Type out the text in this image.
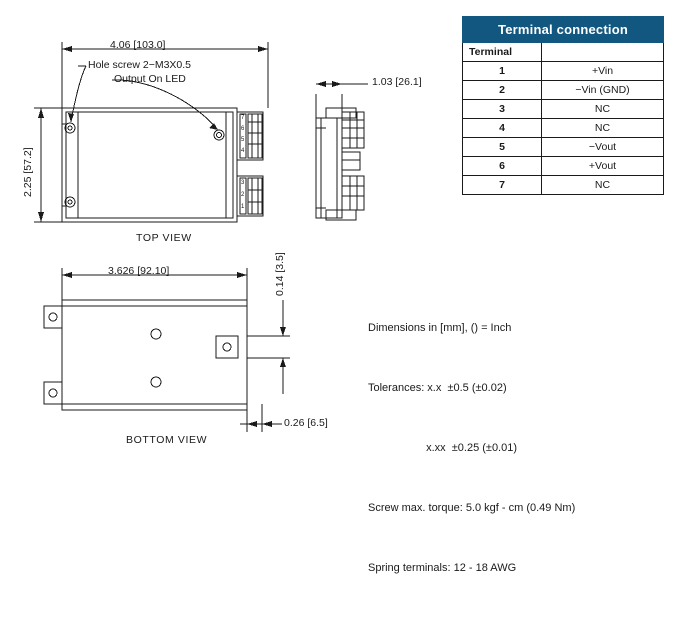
4.06 [103.0]
2.25 [57.2]
Hole screw 2−M3X0.5
Output On LED
TOP VIEW
1.03 [26.1]
3.626 [92.10]	0.14 [3.5]
0.26 [6.5]
BOTTOM VIEW
7
6
5
4
3
2
1
Terminal connection	
Terminal	
1	+Vin
2	−Vin (GND)
3	NC
4	NC
5	−Vout
6	+Vout
7	NC

Dimensions in [mm], () = Inch

Tolerances: x.x  ±0.5 (±0.02)

x.xx  ±0.25 (±0.01)

Screw max. torque: 5.0 kgf - cm (0.49 Nm)

Spring terminals: 12 - 18 AWG
